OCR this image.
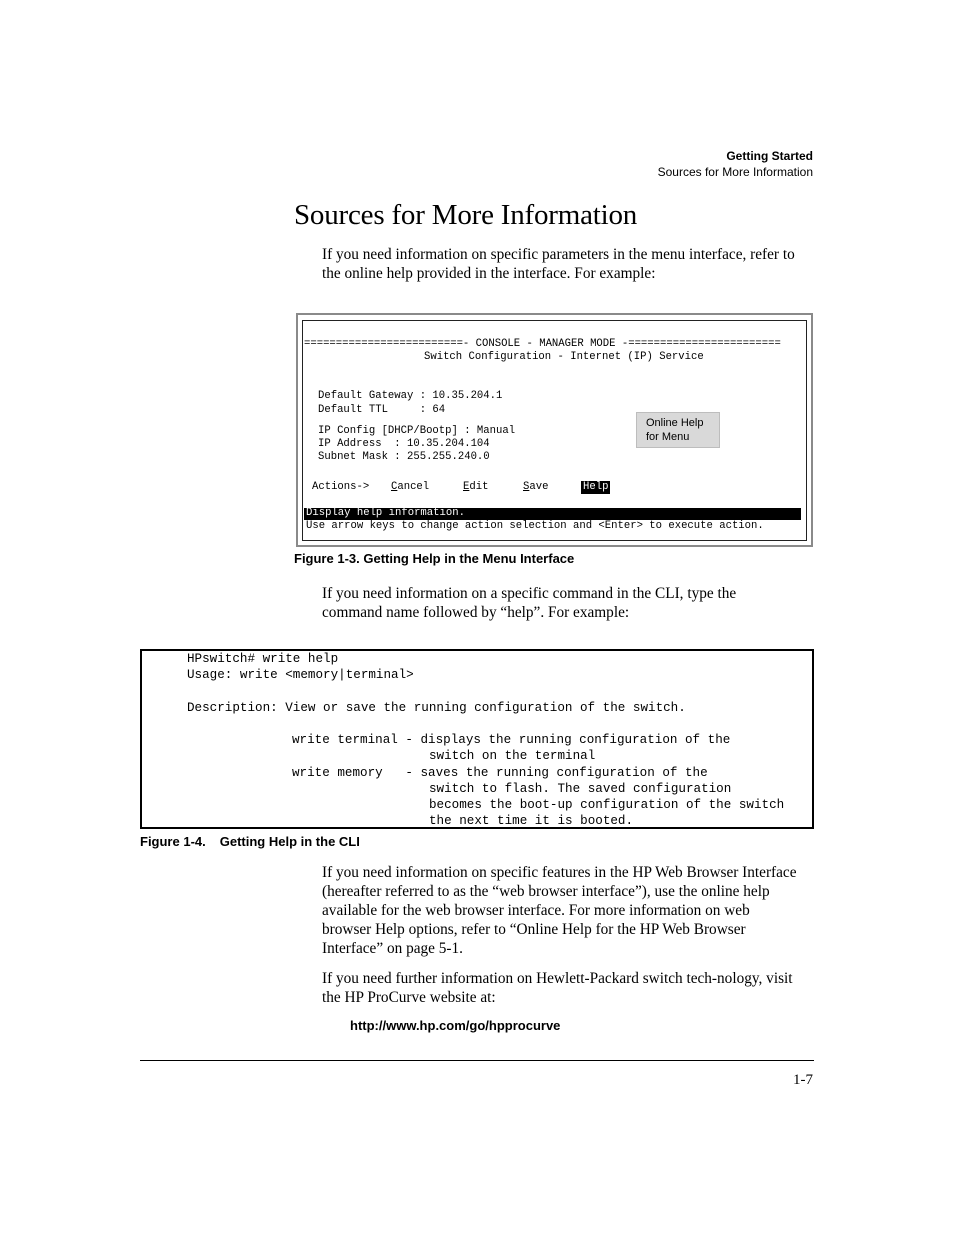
Getting Started
Sources for More Information
Sources for More Information

If you need information on specific parameters in the menu interface, refer to the online help provided in the interface. For example:

=========================- CONSOLE - MANAGER MODE -========================
Switch Configuration - Internet (IP) Service
Default Gateway : 10.35.204.1
Default TTL     : 64
IP Config [DHCP/Bootp] : Manual
IP Address  : 10.35.204.104
Subnet Mask : 255.255.240.0
Actions-> Cancel	Edit	Save	Help
Display help information.
Use arrow keys to change action selection and <Enter> to execute action.
Online Help
for Menu

Figure 1-3. Getting Help in the Menu Interface

If you need information on a specific command in the CLI, type the command name followed by “help”. For example:

HPswitch# write help
Usage: write <memory|terminal>
Description: View or save the running configuration of the switch.
write terminal - displays the running configuration of the
switch on the terminal
write memory   - saves the running configuration of the
switch to flash. The saved configuration
becomes the boot-up configuration of the switch
the next time it is booted.

Figure 1-4. Getting Help in the CLI

If you need information on specific features in the HP Web Browser Interface (hereafter referred to as the “web browser interface”), use the online help available for the web browser interface. For more information on web browser Help options, refer to “Online Help for the HP Web Browser Interface” on page 5-1.

If you need further information on Hewlett-Packard switch tech-nology, visit the HP ProCurve website at:

http://www.hp.com/go/hpprocurve

1-7
